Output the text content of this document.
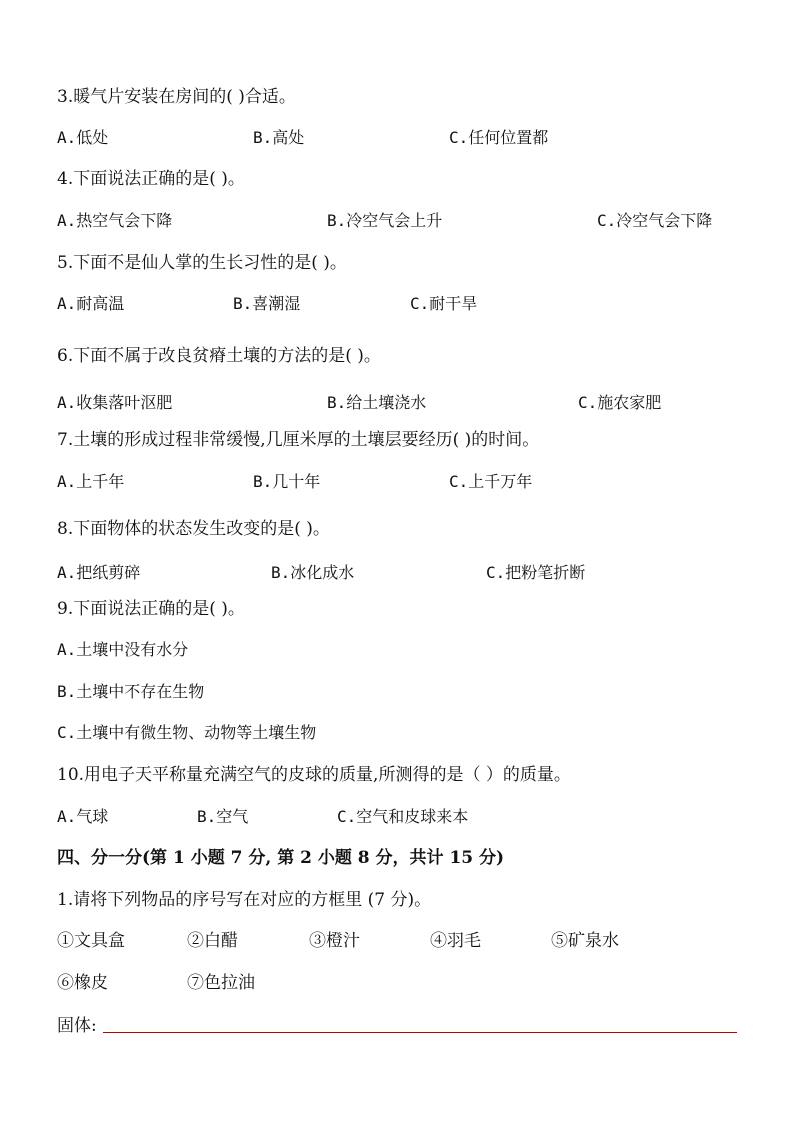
3.暖气片安装在房间的( )合适。
A.低处	B.高处	C.任何位置都
4.下面说法正确的是( )。
A.热空气会下降	B.冷空气会上升	C.冷空气会下降
5.下面不是仙人掌的生长习性的是( )。
A.耐高温	B.喜潮湿	C.耐干旱
6.下面不属于改良贫瘠土壤的方法的是( )。
A.收集落叶沤肥	B.给土壤浇水	C.施农家肥
7.土壤的形成过程非常缓慢,几厘米厚的土壤层要经历( )的时间。
A.上千年	B.几十年	C.上千万年
8.下面物体的状态发生改变的是( )。
A.把纸剪碎	B.冰化成水	C.把粉笔折断
9.下面说法正确的是( )。
A.土壤中没有水分
B.土壤中不存在生物
C.土壤中有微生物、动物等土壤生物
10.用电子天平称量充满空气的皮球的质量,所测得的是（ ）的质量。
A.气球	B.空气	C.空气和皮球来本
四、分一分(第 1 小题 7 分, 第 2 小题 8 分，共计 15 分)
1.请将下列物品的序号写在对应的方框里 (7 分)。
①文具盒	②白醋	③橙汁	④羽毛	⑤矿泉水
⑥橡皮	⑦色拉油
固体:
